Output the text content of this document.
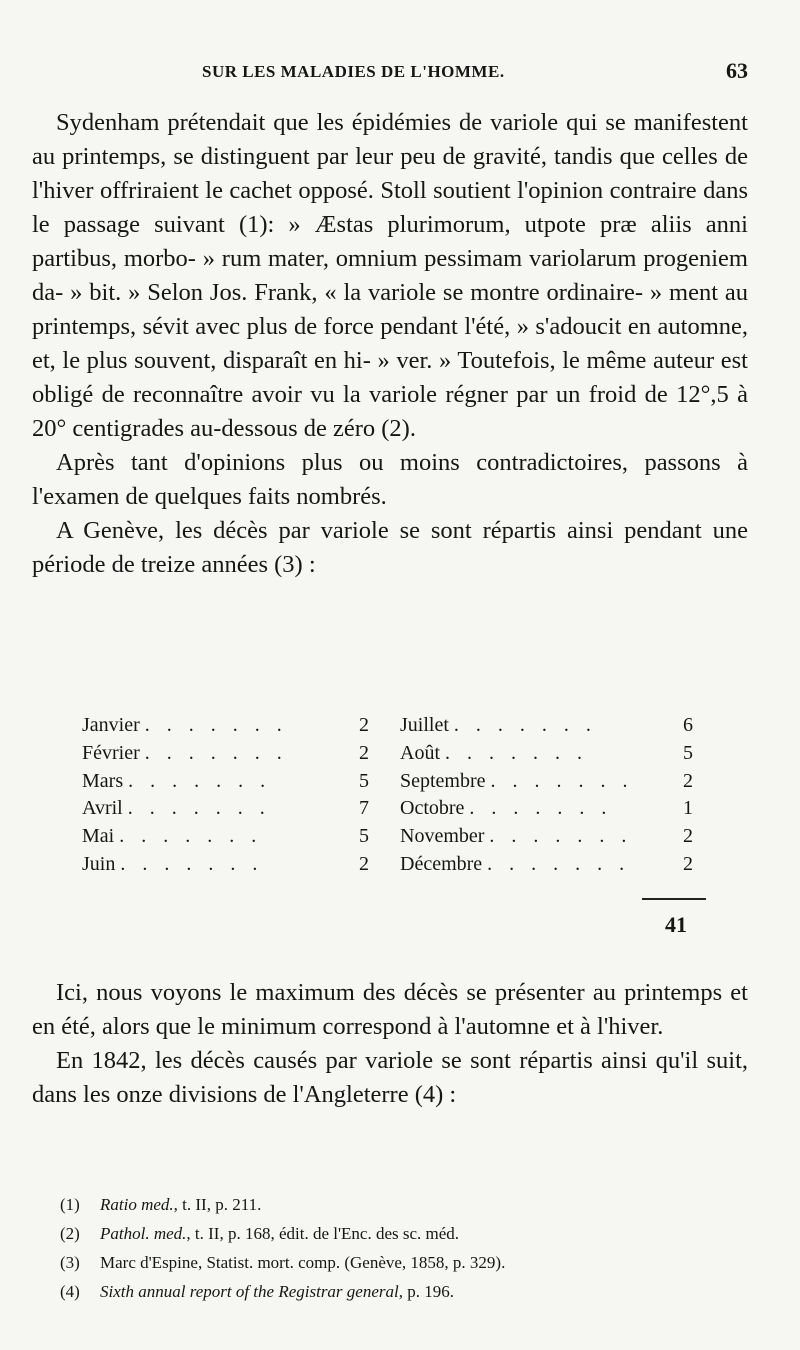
SUR LES MALADIES DE L'HOMME.	63

Sydenham prétendait que les épidémies de variole qui se manifestent au printemps, se distinguent par leur peu de gravité, tandis que celles de l'hiver offriraient le cachet opposé. Stoll soutient l'opinion contraire dans le passage suivant (1): » Æstas plurimorum, utpote præ aliis anni partibus, morbo- » rum mater, omnium pessimam variolarum progeniem da- » bit. » Selon Jos. Frank, « la variole se montre ordinaire- » ment au printemps, sévit avec plus de force pendant l'été, » s'adoucit en automne, et, le plus souvent, disparaît en hi- » ver. » Toutefois, le même auteur est obligé de reconnaître avoir vu la variole régner par un froid de 12°,5 à 20° centigrades au-dessous de zéro (2).

Après tant d'opinions plus ou moins contradictoires, passons à l'examen de quelques faits nombrés.

A Genève, les décès par variole se sont répartis ainsi pendant une période de treize années (3) :

Janvier . . . . . . .	2	Juillet . . . . . . .	6
Février . . . . . . .	2	Août . . . . . . .	5
Mars . . . . . . .	5	Septembre . . . . . . .	2
Avril . . . . . . .	7	Octobre . . . . . . .	1
Mai . . . . . . .	5	November . . . . . . .	2
Juin . . . . . . .	2	Décembre . . . . . . .	2
41

Ici, nous voyons le maximum des décès se présenter au printemps et en été, alors que le minimum correspond à l'automne et à l'hiver.

En 1842, les décès causés par variole se sont répartis ainsi qu'il suit, dans les onze divisions de l'Angleterre (4) :

(1) Ratio med., t. II, p. 211.
(2) Pathol. med., t. II, p. 168, édit. de l'Enc. des sc. méd.
(3) Marc d'Espine, Statist. mort. comp. (Genève, 1858, p. 329).
(4) Sixth annual report of the Registrar general, p. 196.
